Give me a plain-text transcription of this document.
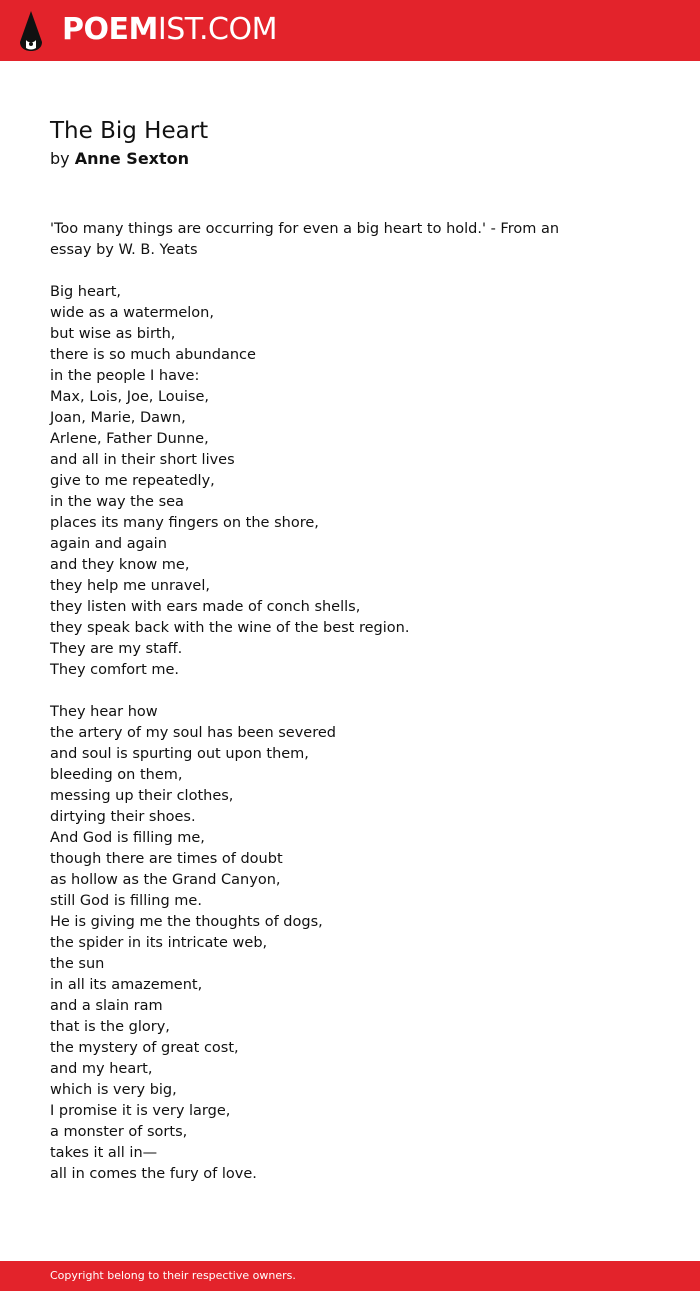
POEMIST.COM
The Big Heart
by Anne Sexton

'Too many things are occurring for even a big heart to hold.' - From an essay by W. B. Yeats

Big heart,
wide as a watermelon,
but wise as birth,
there is so much abundance
in the people I have:
Max, Lois, Joe, Louise,
Joan, Marie, Dawn,
Arlene, Father Dunne,
and all in their short lives
give to me repeatedly,
in the way the sea
places its many fingers on the shore,
again and again
and they know me,
they help me unravel,
they listen with ears made of conch shells,
they speak back with the wine of the best region.
They are my staff.
They comfort me.
They hear how
the artery of my soul has been severed
and soul is spurting out upon them,
bleeding on them,
messing up their clothes,
dirtying their shoes.
And God is filling me,
though there are times of doubt
as hollow as the Grand Canyon,
still God is filling me.
He is giving me the thoughts of dogs,
the spider in its intricate web,
the sun
in all its amazement,
and a slain ram
that is the glory,
the mystery of great cost,
and my heart,
which is very big,
I promise it is very large,
a monster of sorts,
takes it all in—
all in comes the fury of love.
Copyright belong to their respective owners.
